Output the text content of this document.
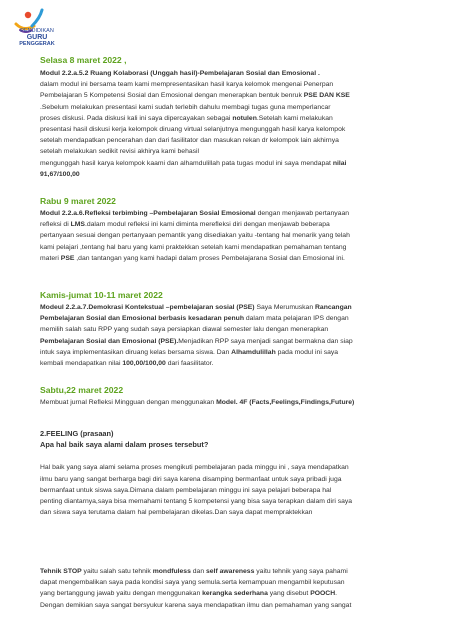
PENDIDIKAN
GURU
PENGGERAK

Selasa 8 maret 2022 ,

Modul 2.2.a.5.2 Ruang Kolaborasi (Unggah hasil)-Pembelajaran Sosial dan Emosional .

dalam modul ini bersama team kami mempresentasikan hasil karya kelomok mengenai Penerpan

Pembelajaran 5 Kompetensi Sosial dan Emosional dengan menerapkan bentuk benruk PSE DAN KSE

.Sebelum melakukan presentasi kami sudah terlebih dahulu membagi tugas guna memperlancar

proses diskusi. Pada diskusi kali ini saya dipercayakan sebagai notulen.Setelah kami melakukan

presentasi hasil diskusi kerja kelompok diruang virtual selanjutnya mengunggah hasil karya kelompok

setelah mendapatkan pencerahan dan dari fasilitator dan masukan rekan dr kelompok lain akhirnya

setelah melakukan sedikit revisi akhirya kami behasil

mengunggah hasil karya kelompok kaami dan alhamdulillah pata tugas modul ini saya mendapat nilai

91,67/100,00

Rabu 9 maret 2022

Modul 2.2.a.6.Refleksi terbimbing –Pembelajaran Sosial Emosional dengan menjawab pertanyaan

refleksi di LMS.dalam modul refleksi ini kami diminta merefleksi diri dengan menjawab beberapa

pertanyaan sesuai dengan pertanyaan pemantik yang disediakan yaitu -tentang hal menarik yang telah

kami pelajari ,tentang hal baru yang kami praktekkan setelah kami mendapatkan pemahaman tentang

materi PSE ,dan tantangan yang kami hadapi dalam proses Pembelajarana Sosial dan Emosional ini.

Kamis-jumat 10-11 maret 2022

Modeul 2.2.a.7.Demokrasi Kontekstual –pembelajaran sosial (PSE) Saya Merumuskan Rancangan

Pembelajaran Sosial dan Emosional berbasis kesadaran penuh dalam mata pelajaran IPS dengan

memilih salah satu RPP yang sudah saya persiapkan diawal semester lalu dengan menerapkan

Pembelajaran Sosial dan Emosional (PSE).Menjadikan RPP saya menjadi sangat bermakna dan siap

intuk saya implementasikan diruang kelas bersama siswa. Dan Alhamdulillah pada modul ini saya

kembali mendapatkan nilai 100,00/100,00 dari faasilitator.

Sabtu,22 maret 2022

Membuat jurnal Refleksi Mingguan dengan menggunakan Model. 4F (Facts,Feelings,Findings,Future)

2.FEELING (prasaan)

Apa hal baik saya alami dalam proses tersebut?

Hal baik yang saya alami selama proses mengikuti pembelajaran pada minggu ini , saya mendapatkan

ilmu baru yang sangat berharga bagi diri saya karena disamping bermanfaat untuk saya pribadi juga

bermanfaat untuk siswa saya.Dimana dalam pembelajaran minggu ini saya pelajari beberapa hal

penting diantarnya,saya bisa memahami tentang 5 kompetensi yang bisa saya terapkan dalam diri saya

dan siswa saya terutama dalam hal pembelajaran dikelas.Dan saya dapat mempraktekkan

Tehnik STOP yaitu salah satu tehnik mondfuless dan self awareness yaitu tehnik yang saya pahami

dapat mengembalikan saya pada kondisi saya yang semula.serta kemampuan mengambil keputusan

yang bertanggung jawab yaitu dengan menggunakan kerangka sederhana yang disebut POOCH.

Dengan demikian saya sangat bersyukur karena saya mendapatkan ilmu dan pemahaman yang sangat
